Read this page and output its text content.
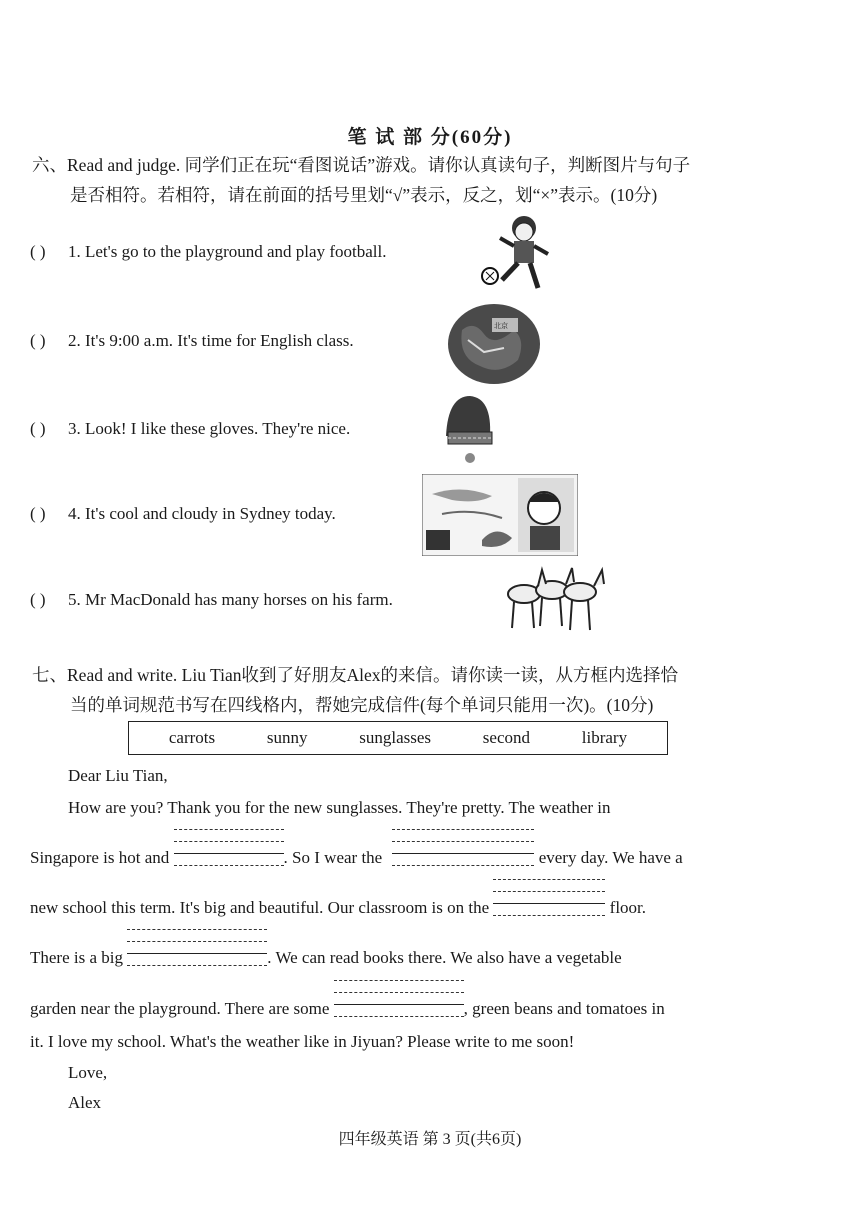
笔 试 部 分(60分)
六、Read and judge. 同学们正在玩“看图说话”游戏。请你认真读句子，判断图片与句子
是否相符。若相符，请在前面的括号里划“√”表示，反之，划“×”表示。(10分)
( ) 1. Let's go to the playground and play football.
( ) 2. It's 9:00 a.m. It's time for English class.
( ) 3. Look! I like these gloves. They're nice.
( ) 4. It's cool and cloudy in Sydney today.
( ) 5. Mr MacDonald has many horses on his farm.
北京
七、Read and write. Liu Tian收到了好朋友Alex的来信。请你读一读，从方框内选择恰
当的单词规范书写在四线格内，帮她完成信件(每个单词只能用一次)。(10分)
carrots	sunny	sunglasses	second	library
Dear Liu Tian,
How are you? Thank you for the new sunglasses. They're pretty. The weather in
Singapore is hot and	. So I wear the	every day. We have a
new school this term. It's big and beautiful. Our classroom is on the	floor.
There is a big	. We can read books there. We also have a vegetable
garden near the playground. There are some	, green beans and tomatoes in
it. I love my school. What's the weather like in Jiyuan? Please write to me soon!
Love,
Alex
四年级英语 第 3 页(共6页)
